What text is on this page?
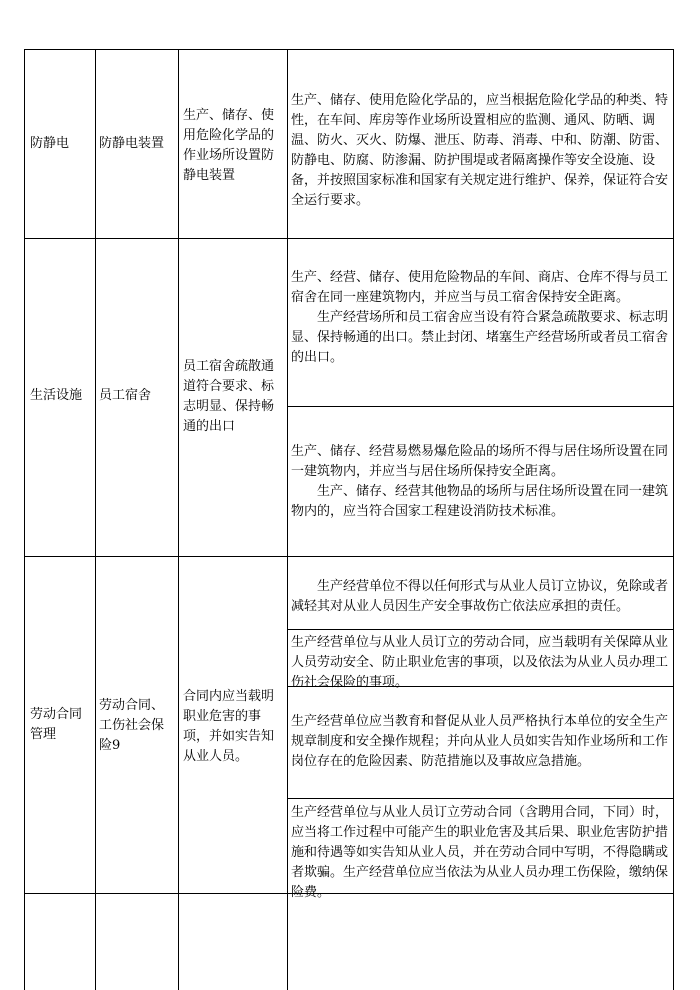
防静电	防静电装置
生产、储存、使用危险化学品的作业场所设置防静电装置

生产、储存、使用危险化学品的，应当根据危险化学品的种类、特性，在车间、库房等作业场所设置相应的监测、通风、防晒、调温、防火、灭火、防爆、泄压、防毒、消毒、中和、防潮、防雷、防静电、防腐、防渗漏、防护围堤或者隔离操作等安全设施、设备，并按照国家标准和国家有关规定进行维护、保养，保证符合安全运行要求。

生活设施	员工宿舍
员工宿舍疏散通道符合要求、标志明显、保持畅通的出口

生产、经营、储存、使用危险物品的车间、商店、仓库不得与员工宿舍在同一座建筑物内，并应当与员工宿舍保持安全距离。

生产经营场所和员工宿舍应当设有符合紧急疏散要求、标志明显、保持畅通的出口。禁止封闭、堵塞生产经营场所或者员工宿舍的出口。

生产、储存、经营易燃易爆危险品的场所不得与居住场所设置在同一建筑物内，并应当与居住场所保持安全距离。

生产、储存、经营其他物品的场所与居住场所设置在同一建筑物内的，应当符合国家工程建设消防技术标准。

劳动合同管理
劳动合同、工伤社会保险9
合同内应当载明职业危害的事项，并如实告知从业人员。

生产经营单位不得以任何形式与从业人员订立协议，免除或者减轻其对从业人员因生产安全事故伤亡依法应承担的责任。

生产经营单位与从业人员订立的劳动合同，应当载明有关保障从业人员劳动安全、防止职业危害的事项，以及依法为从业人员办理工伤社会保险的事项。

生产经营单位应当教育和督促从业人员严格执行本单位的安全生产规章制度和安全操作规程；并向从业人员如实告知作业场所和工作岗位存在的危险因素、防范措施以及事故应急措施。

生产经营单位与从业人员订立劳动合同（含聘用合同，下同）时，应当将工作过程中可能产生的职业危害及其后果、职业危害防护措施和待遇等如实告知从业人员，并在劳动合同中写明，不得隐瞒或者欺骗。生产经营单位应当依法为从业人员办理工伤保险，缴纳保险费。
